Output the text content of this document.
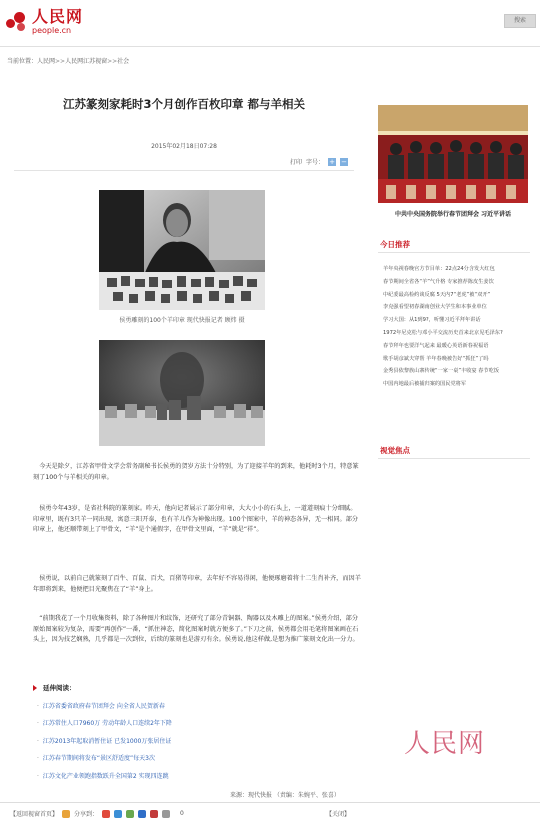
人民网
people.cn
搜索
当前位置：人民网>>人民网江苏视窗>>社会
江苏篆刻家耗时3个月创作百枚印章 都与羊相关
2015年02月18日07:28
打印 字号： + −
侯勇雕刻的100个羊印章 现代快报记者 顾炜 摄

今天是除夕，江苏省甲骨文学会常务副秘书长侯勇的贺岁方法十分特别，为了迎接羊年的到来，他耗时3个月，特意篆刻了100个与羊相关的印章。

侯勇今年43岁，是省社科院的篆刻家。昨天，他向记者展示了部分印章，大大小小的石头上，一道道刻痕十分细腻。印章里，既有3只羊一同出现，寓意三阳开泰，也有羊儿作为神像出现。100个图案中，羊的神态各异，无一相同。部分印章上，他还顺带刻上了甲骨文，“羊”是个通假字，在甲骨文里面，“羊”就是“祥”。

侯勇说，以前自己就篆刻了百牛、百鼠、百犬，百猪等印章，去年好不容易得闲，他便琢磨着将十二生肖补齐，而因羊年即将到来，他便把目光聚焦在了“羊”身上。

“前期我花了一个月收集资料，除了各种图片和纹饰，还研究了部分青铜器、陶器以及木雕上的图案。”侯勇介绍，部分原始图案较为复杂，需要“再创作”一番，“抓住神态，简化图案时就方便多了。”下刀之前，侯勇都会用毛笔将图案画在石头上，因为技艺娴熟，几乎都是一次到位，后续的篆刻也是游刃有余。侯勇说,他这样做,是想为推广篆刻文化出一分力。

延伸阅读：
· 江苏省委省政府春节团拜会 向全省人民贺新春
· 江苏常住人口7960万 劳动年龄人口连续2年下降
· 江苏2013年起取消暂住证 已发1000万张居住证
· 江苏春节期间将发布“景区舒适度”每天3次
· 江苏文化产业领跑指数跃升全国第2 实现四连跳
来源：现代快报 （责编：朱婉平、张喜）
【返回视窗首页】	分享到：	0	【关闭】
人民网
中共中央国务院举行春节团拜会 习近平讲话
今日推荐
羊年央视春晚官方节目单：22点24分含发大红包
春节期间全省各“羊”气升格 专家推荐陈皮生姜饮
中纪委最高检约谈反腐 5天内7“老虎”被“双开”
李克强看望初春湖南创业大学生和本事业单位
学习大国：从1到9?，听懂习近平拜年讲话
1972年尼克松与邓小平交流历史首来北京见毛泽东?
春节拜年也要洋气起来 最暖心英语新春祝福语
歌手胡彦斌夫穿帮 羊年春晚被告好“抓狂”了吗
金秀县依黎族山寨传统“一家一桌”丰收宴 春节吃饭
中国内地最后被捕归案的国民党将军
视觉焦点
